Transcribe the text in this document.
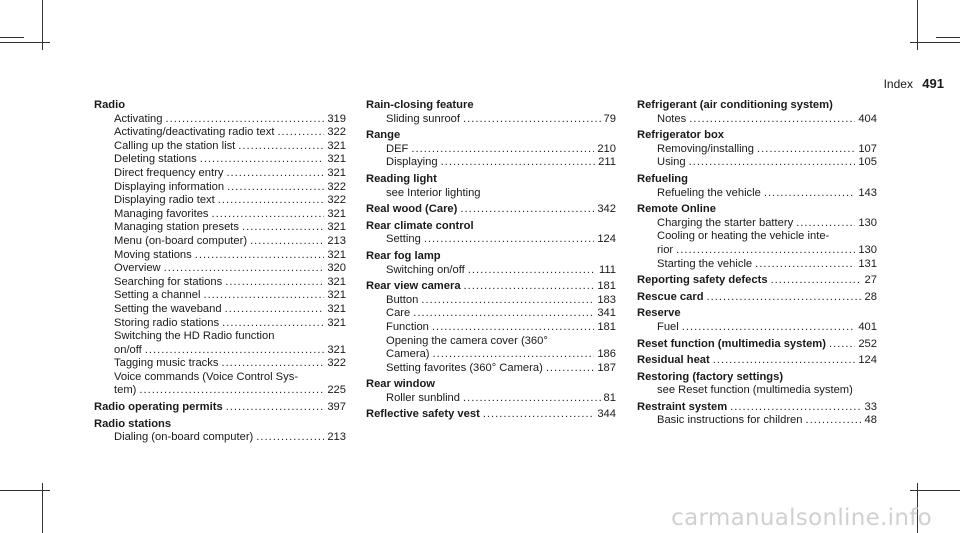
Index 491
Radio
Activating .....	319
Activating/deactivating radio text .....	322
Calling up the station list .....	321
Deleting stations .....	321
Direct frequency entry .....	321
Displaying information .....	322
Displaying radio text .....	322
Managing favorites .....	321
Managing station presets .....	321
Menu (on-board computer) .....	213
Moving stations .....	321
Overview .....	320
Searching for stations .....	321
Setting a channel .....	321
Setting the waveband .....	321
Storing radio stations .....	321
Switching the HD Radio function
on/off .....	321
Tagging music tracks .....	322
Voice commands (Voice Control Sys-
tem) .....	225
Radio operating permits .....	397
Radio stations
Dialing (on-board computer) .....	213
Rain-closing feature
Sliding sunroof .....	79
Range
DEF .....	210
Displaying .....	211
Reading light
see Interior lighting
Real wood (Care) .....	342
Rear climate control
Setting .....	124
Rear fog lamp
Switching on/off .....	111
Rear view camera .....	181
Button .....	183
Care .....	341
Function .....	181
Opening the camera cover (360°
Camera) .....	186
Setting favorites (360° Camera) .....	187
Rear window
Roller sunblind .....	81
Reflective safety vest .....	344
Refrigerant (air conditioning system)
Notes .....	404
Refrigerator box
Removing/installing .....	107
Using .....	105
Refueling
Refueling the vehicle .....	143
Remote Online
Charging the starter battery .....	130
Cooling or heating the vehicle inte-
rior .....	130
Starting the vehicle .....	131
Reporting safety defects .....	27
Rescue card .....	28
Reserve
Fuel .....	401
Reset function (multimedia system) .....	252
Residual heat .....	124
Restoring (factory settings)
see Reset function (multimedia system)
Restraint system .....	33
Basic instructions for children .....	48
carmanualsonline.info
